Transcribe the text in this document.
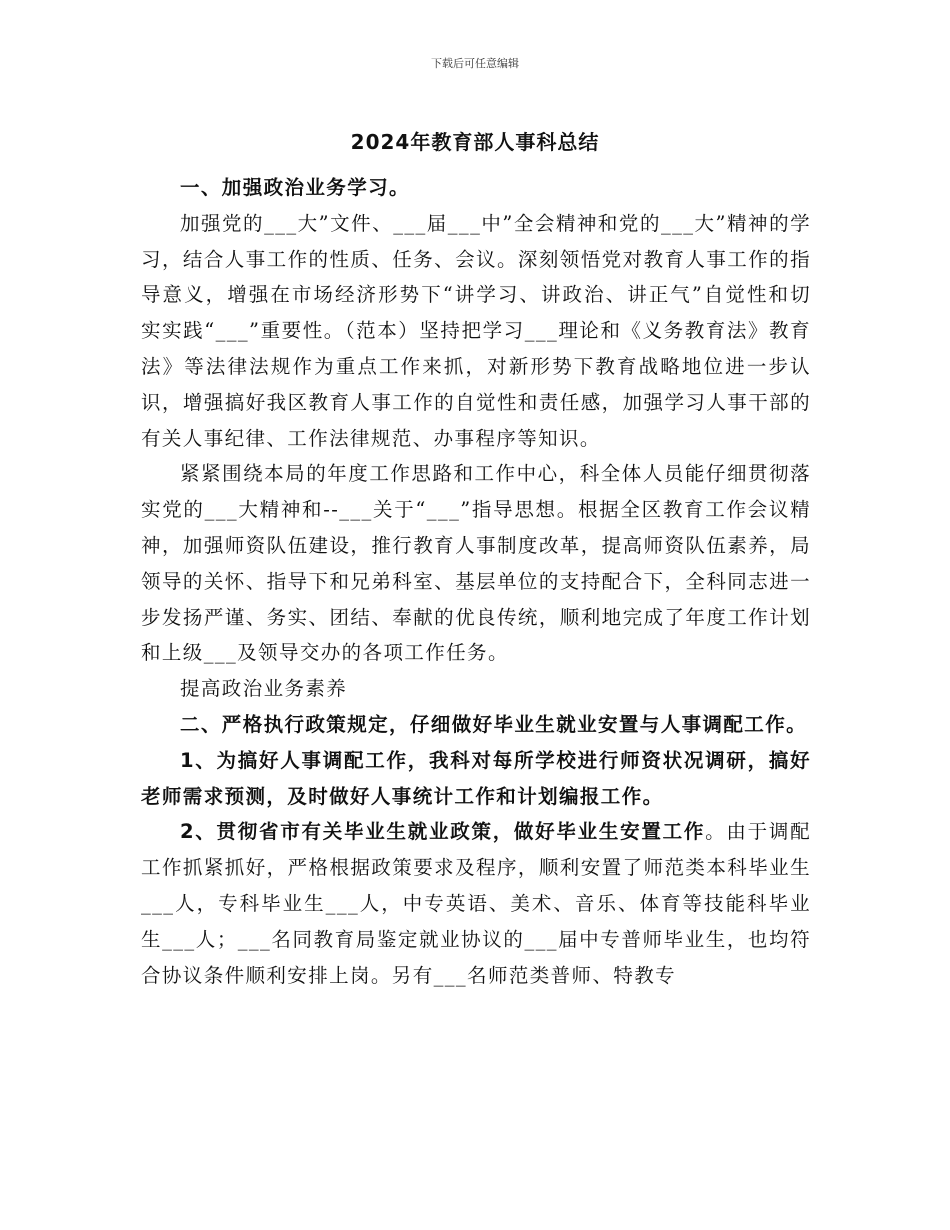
下载后可任意编辑
2024年教育部人事科总结

一、加强政治业务学习。

加强党的___大”文件、___届___中”全会精神和党的___大”精神的学习，结合人事工作的性质、任务、会议。深刻领悟党对教育人事工作的指导意义，增强在市场经济形势下“讲学习、讲政治、讲正气”自觉性和切实实践“___”重要性。（范本）坚持把学习___理论和《义务教育法》教育法》等法律法规作为重点工作来抓，对新形势下教育战略地位进一步认识，增强搞好我区教育人事工作的自觉性和责任感，加强学习人事干部的有关人事纪律、工作法律规范、办事程序等知识。

紧紧围绕本局的年度工作思路和工作中心，科全体人员能仔细贯彻落实党的___大精神和--___关于“___”指导思想。根据全区教育工作会议精神，加强师资队伍建设，推行教育人事制度改革，提高师资队伍素养，局领导的关怀、指导下和兄弟科室、基层单位的支持配合下，全科同志进一步发扬严谨、务实、团结、奉献的优良传统，顺利地完成了年度工作计划和上级___及领导交办的各项工作任务。

提高政治业务素养

二、严格执行政策规定，仔细做好毕业生就业安置与人事调配工作。

1、为搞好人事调配工作，我科对每所学校进行师资状况调研，搞好老师需求预测，及时做好人事统计工作和计划编报工作。

2、贯彻省市有关毕业生就业政策，做好毕业生安置工作。由于调配工作抓紧抓好，严格根据政策要求及程序，顺利安置了师范类本科毕业生___人，专科毕业生___人，中专英语、美术、音乐、体育等技能科毕业生___人；___名同教育局鉴定就业协议的___届中专普师毕业生，也均符合协议条件顺利安排上岗。另有___名师范类普师、特教专
